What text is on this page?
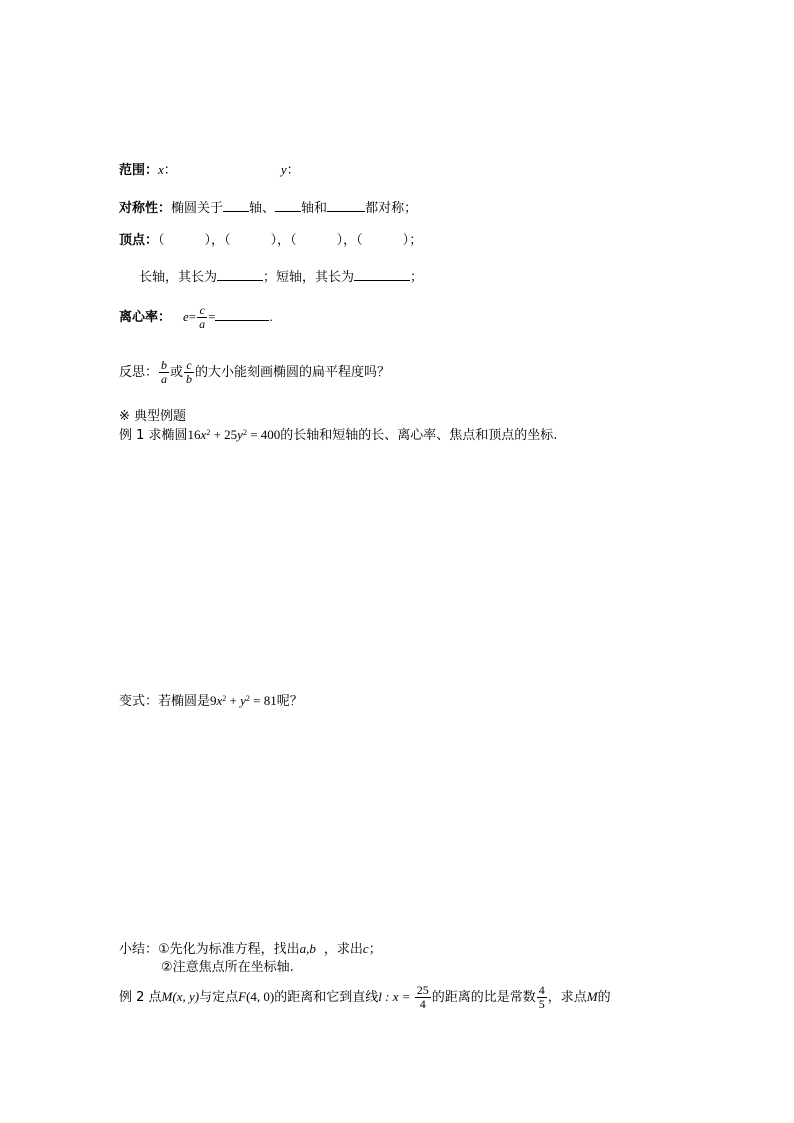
范围：x：	y：
对称性：椭圆关于 轴、 轴和	都对称；
顶点：（	），（	），（	），（	）；
长轴，其长为	；短轴，其长为	；
离心率： $e= \frac{c}{a}$ =	.
反思： $\frac{b}{a}$ 或 $\frac{c}{b}$ 的大小能刻画椭圆的扁平程度吗？
※ 典型例题
例 1 求椭圆$16x^2 + 25y^2 = 400$的长轴和短轴的长、离心率、焦点和顶点的坐标.
变式：若椭圆是$9x^2 + y^2 = 81$呢？
小结：①先化为标准方程，找出a,b ，求出c；
②注意焦点所在坐标轴.
例 2 点M(x, y)与定点F(4, 0)的距离和它到直线l : $x = \frac{25}{4}$ 的距离的比是常数 $\frac{4}{5}$ ，求点M的
